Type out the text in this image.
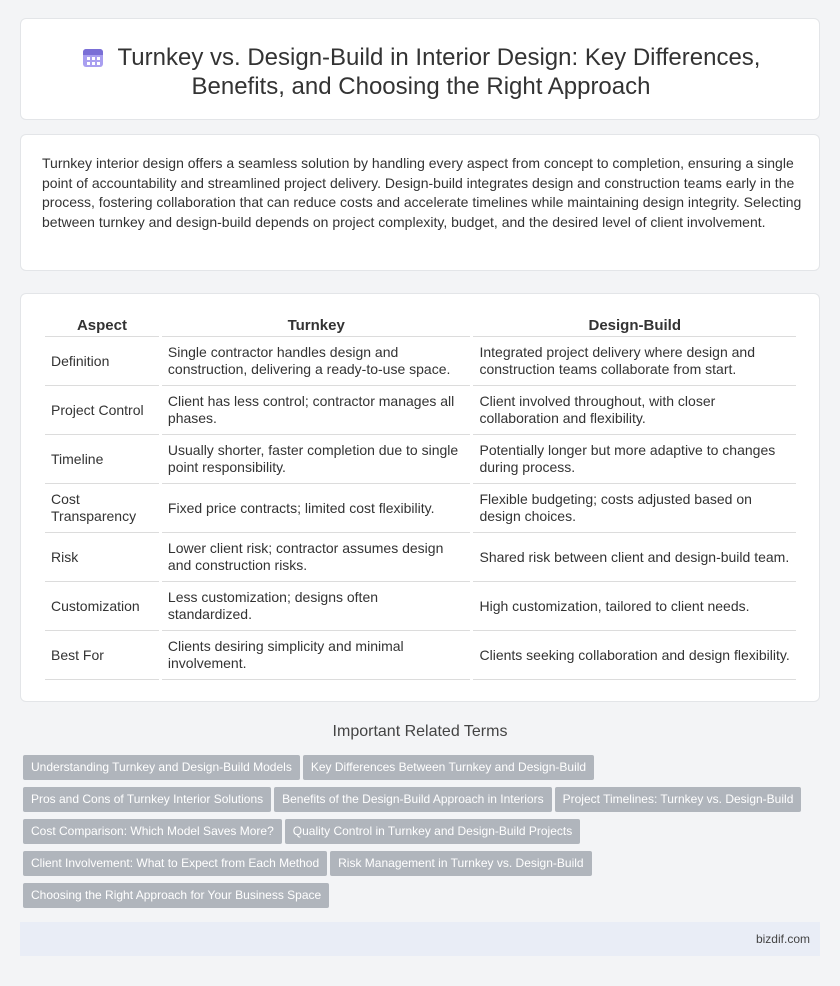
Turnkey vs. Design-Build in Interior Design: Key Differences,
Benefits, and Choosing the Right Approach

Turnkey interior design offers a seamless solution by handling every aspect from concept to completion, ensuring a single point of accountability and streamlined project delivery. Design-build integrates design and construction teams early in the process, fostering collaboration that can reduce costs and accelerate timelines while maintaining design integrity. Selecting between turnkey and design-build depends on project complexity, budget, and the desired level of client involvement.

Aspect	Turnkey	Design-Build
Definition	Single contractor handles design and construction, delivering a ready-to-use space.	Integrated project delivery where design and construction teams collaborate from start.
Project Control	Client has less control; contractor manages all phases.	Client involved throughout, with closer collaboration and flexibility.
Timeline	Usually shorter, faster completion due to single point responsibility.	Potentially longer but more adaptive to changes during process.
Cost Transparency	Fixed price contracts; limited cost flexibility.	Flexible budgeting; costs adjusted based on design choices.
Risk	Lower client risk; contractor assumes design and construction risks.	Shared risk between client and design-build team.
Customization	Less customization; designs often standardized.	High customization, tailored to client needs.
Best For	Clients desiring simplicity and minimal involvement.	Clients seeking collaboration and design flexibility.
Important Related Terms
Understanding Turnkey and Design-Build Models Key Differences Between Turnkey and Design-Build
Pros and Cons of Turnkey Interior Solutions Benefits of the Design-Build Approach in Interiors Project Timelines: Turnkey vs. Design-Build
Cost Comparison: Which Model Saves More? Quality Control in Turnkey and Design-Build Projects
Client Involvement: What to Expect from Each Method Risk Management in Turnkey vs. Design-Build
Choosing the Right Approach for Your Business Space
bizdif.com
